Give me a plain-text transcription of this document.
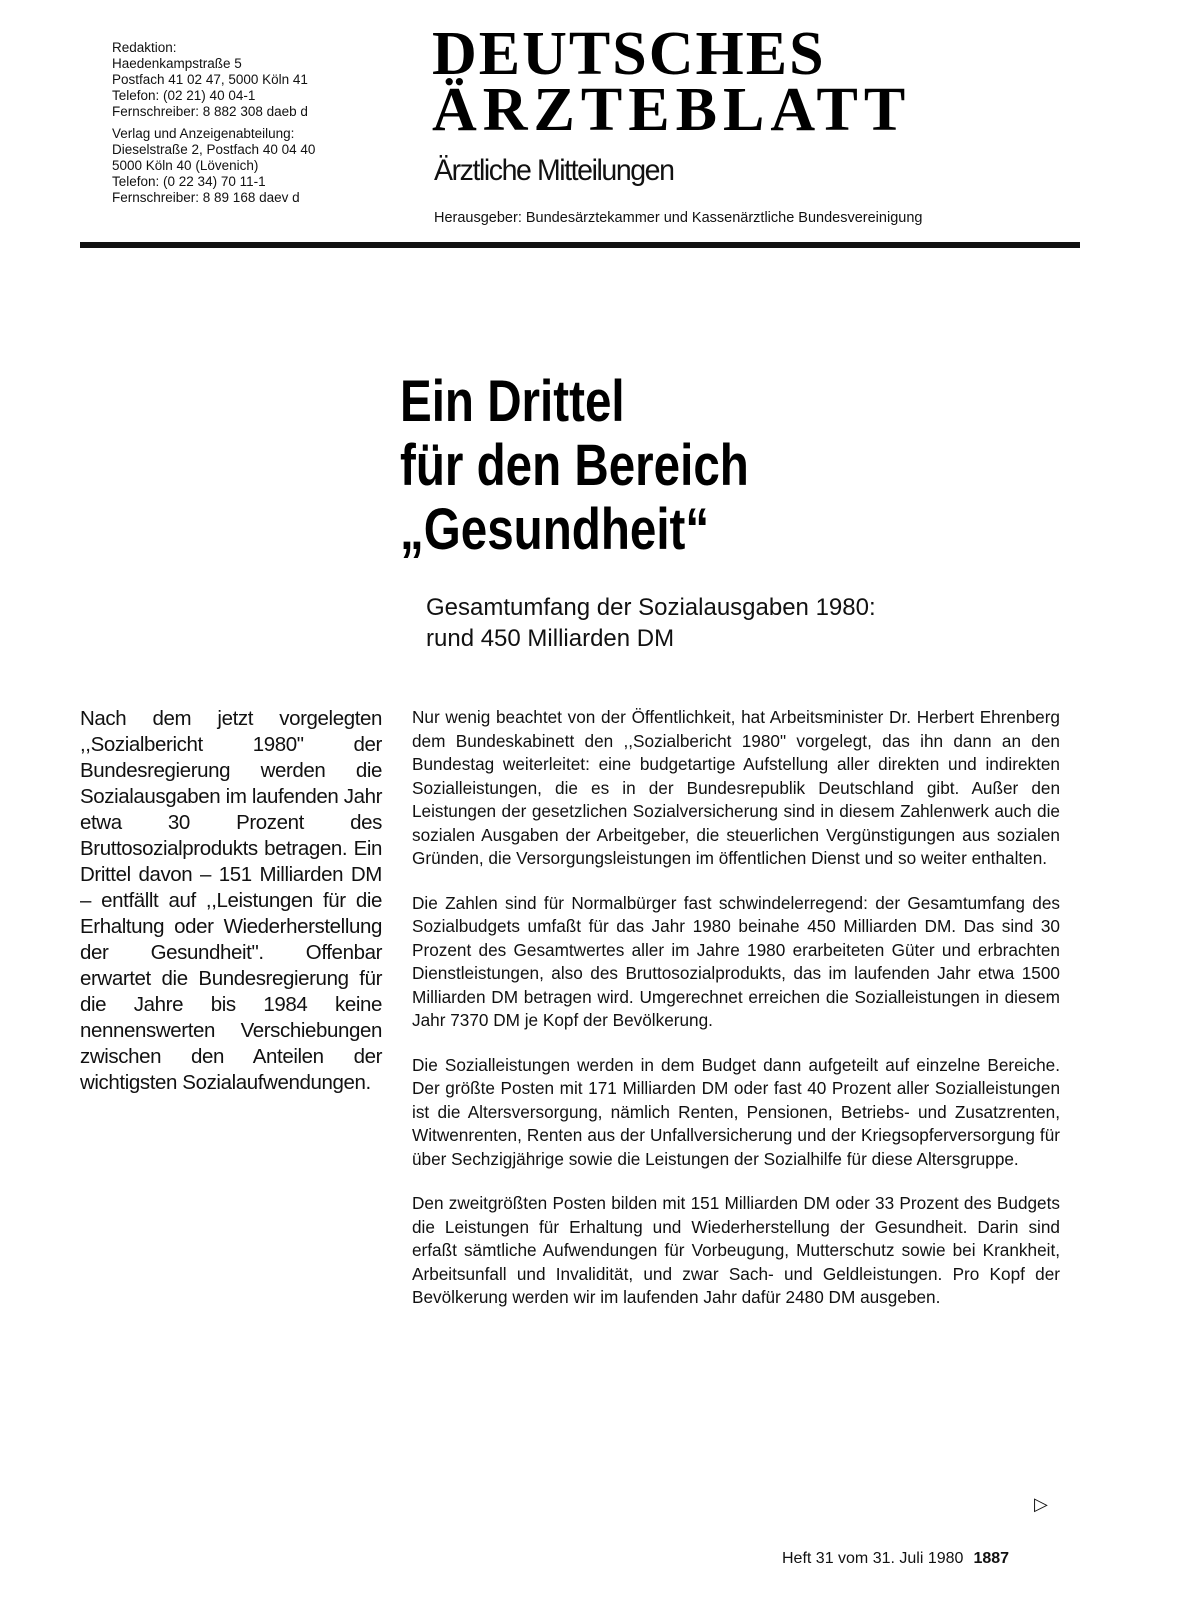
Redaktion:
Haedenkampstraße 5
Postfach 41 02 47, 5000 Köln 41
Telefon: (02 21) 40 04-1
Fernschreiber: 8 882 308 daeb d
Verlag und Anzeigenabteilung:
Dieselstraße 2, Postfach 40 04 40
5000 Köln 40 (Lövenich)
Telefon: (0 22 34) 70 11-1
Fernschreiber: 8 89 168 daev d
DEUTSCHES
ÄRZTEBLATT
Ärztliche Mitteilungen
Herausgeber: Bundesärztekammer und Kassenärztliche Bundesvereinigung
Ein Drittel
für den Bereich
„Gesundheit“
Gesamtumfang der Sozialausgaben 1980:
rund 450 Milliarden DM
Nach dem jetzt vorgelegten ,,Sozialbericht 1980" der Bundesregierung werden die Sozialausgaben im laufenden Jahr etwa 30 Prozent des Bruttosozialprodukts betragen. Ein Drittel davon – 151 Milliarden DM – entfällt auf ,,Leistungen für die Erhaltung oder Wiederherstellung der Gesundheit". Offenbar erwartet die Bundesregierung für die Jahre bis 1984 keine nennenswerten Verschiebungen zwischen den Anteilen der wichtigsten Sozialaufwendungen.

Nur wenig beachtet von der Öffentlichkeit, hat Arbeitsminister Dr. Herbert Ehrenberg dem Bundeskabinett den ,,Sozialbericht 1980" vorgelegt, das ihn dann an den Bundestag weiterleitet: eine budgetartige Aufstellung aller direkten und indirekten Sozialleistungen, die es in der Bundesrepublik Deutschland gibt. Außer den Leistungen der gesetzlichen Sozialversicherung sind in diesem Zahlenwerk auch die sozialen Ausgaben der Arbeitgeber, die steuerlichen Vergünstigungen aus sozialen Gründen, die Versorgungsleistungen im öffentlichen Dienst und so weiter enthalten.

Die Zahlen sind für Normalbürger fast schwindelerregend: der Gesamtumfang des Sozialbudgets umfaßt für das Jahr 1980 beinahe 450 Milliarden DM. Das sind 30 Prozent des Gesamtwertes aller im Jahre 1980 erarbeiteten Güter und erbrachten Dienstleistungen, also des Bruttosozialprodukts, das im laufenden Jahr etwa 1500 Milliarden DM betragen wird. Umgerechnet erreichen die Sozialleistungen in diesem Jahr 7370 DM je Kopf der Bevölkerung.

Die Sozialleistungen werden in dem Budget dann aufgeteilt auf einzelne Bereiche. Der größte Posten mit 171 Milliarden DM oder fast 40 Prozent aller Sozialleistungen ist die Altersversorgung, nämlich Renten, Pensionen, Betriebs- und Zusatzrenten, Witwenrenten, Renten aus der Unfallversicherung und der Kriegsopferversorgung für über Sechzigjährige sowie die Leistungen der Sozialhilfe für diese Altersgruppe.

Den zweitgrößten Posten bilden mit 151 Milliarden DM oder 33 Prozent des Budgets die Leistungen für Erhaltung und Wiederherstellung der Gesundheit. Darin sind erfaßt sämtliche Aufwendungen für Vorbeugung, Mutterschutz sowie bei Krankheit, Arbeitsunfall und Invalidität, und zwar Sach- und Geldleistungen. Pro Kopf der Bevölkerung werden wir im laufenden Jahr dafür 2480 DM ausgeben.

▷
Heft 31 vom 31. Juli 1980 1887
